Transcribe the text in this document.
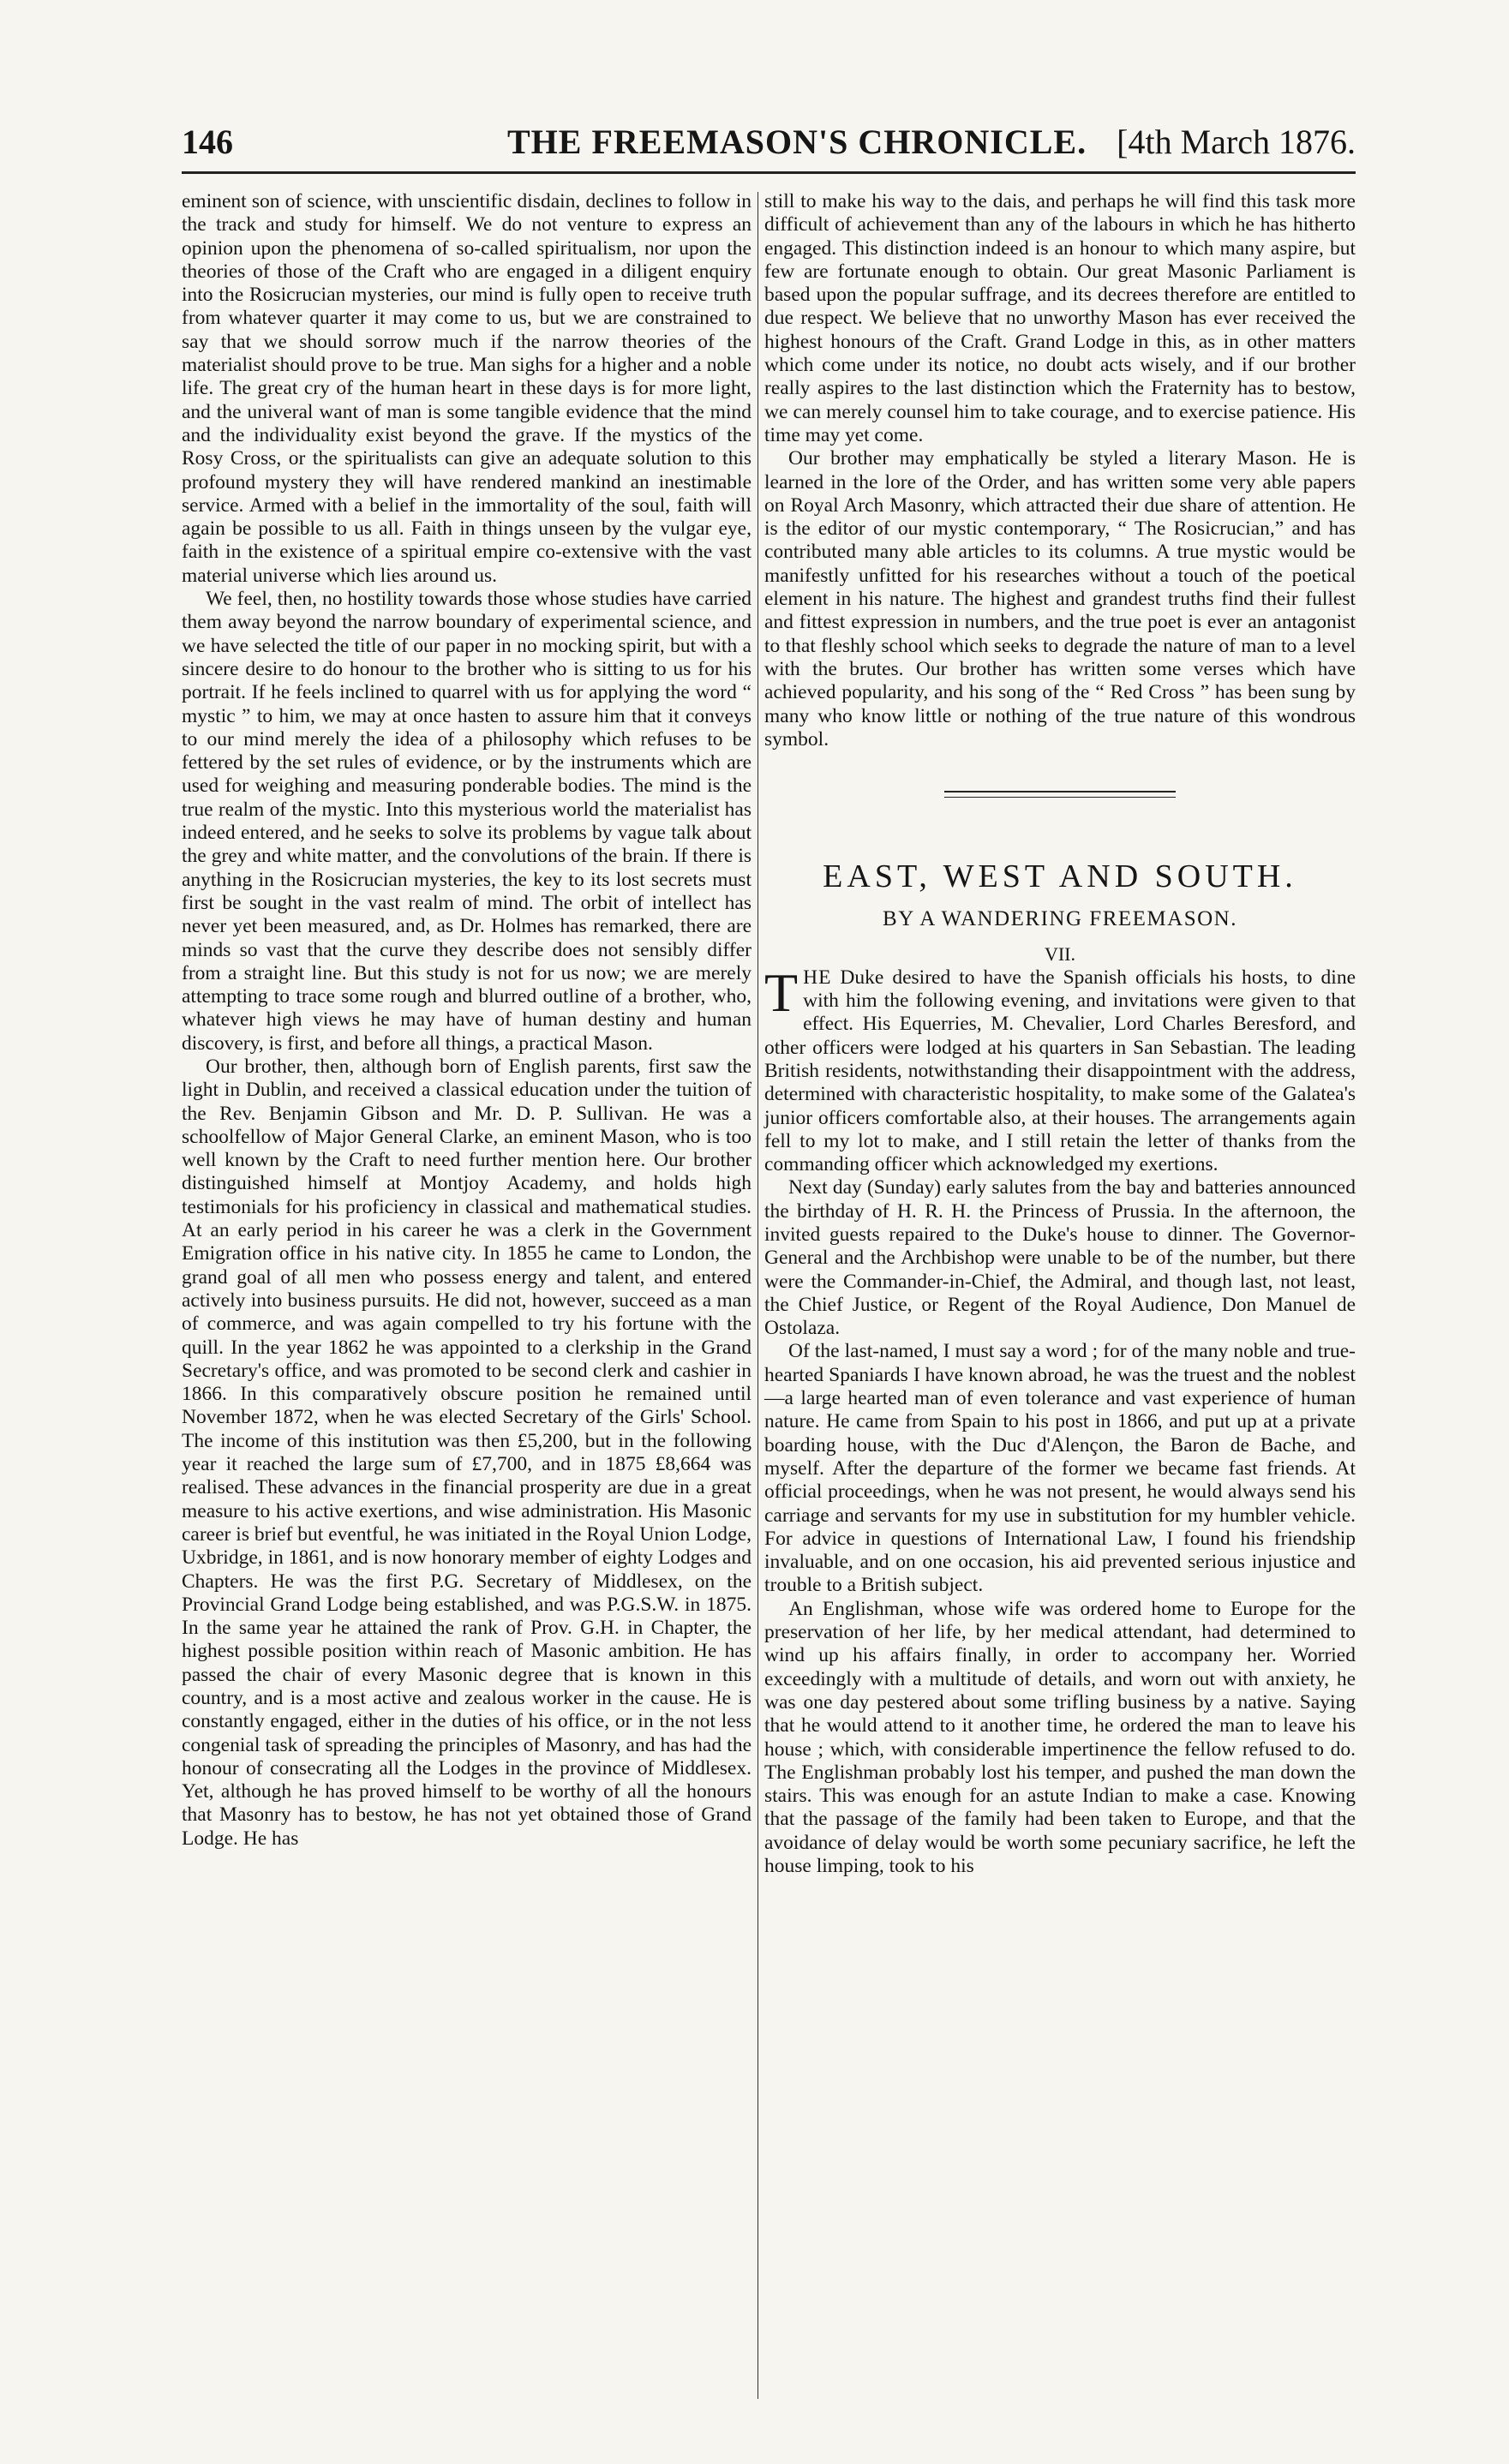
146	THE FREEMASON'S CHRONICLE. [4th March 1876.

eminent son of science, with unscientific disdain, declines to follow in the track and study for himself. We do not venture to express an opinion upon the phenomena of so-called spiritualism, nor upon the theories of those of the Craft who are engaged in a diligent enquiry into the Rosicrucian mysteries, our mind is fully open to receive truth from whatever quarter it may come to us, but we are constrained to say that we should sorrow much if the narrow theories of the materialist should prove to be true. Man sighs for a higher and a noble life. The great cry of the human heart in these days is for more light, and the univeral want of man is some tangible evidence that the mind and the individuality exist beyond the grave. If the mystics of the Rosy Cross, or the spiritualists can give an adequate solution to this profound mystery they will have rendered mankind an inestimable service. Armed with a belief in the immortality of the soul, faith will again be possible to us all. Faith in things unseen by the vulgar eye, faith in the existence of a spiritual empire co-extensive with the vast material universe which lies around us.

We feel, then, no hostility towards those whose studies have carried them away beyond the narrow boundary of experimental science, and we have selected the title of our paper in no mocking spirit, but with a sincere desire to do honour to the brother who is sitting to us for his portrait. If he feels inclined to quarrel with us for applying the word “ mystic ” to him, we may at once hasten to assure him that it conveys to our mind merely the idea of a philosophy which refuses to be fettered by the set rules of evidence, or by the instruments which are used for weighing and measuring ponderable bodies. The mind is the true realm of the mystic. Into this mysterious world the materialist has indeed entered, and he seeks to solve its problems by vague talk about the grey and white matter, and the convolutions of the brain. If there is anything in the Rosicrucian mysteries, the key to its lost secrets must first be sought in the vast realm of mind. The orbit of intellect has never yet been measured, and, as Dr. Holmes has remarked, there are minds so vast that the curve they describe does not sensibly differ from a straight line. But this study is not for us now; we are merely attempting to trace some rough and blurred outline of a brother, who, whatever high views he may have of human destiny and human discovery, is first, and before all things, a practical Mason.

Our brother, then, although born of English parents, first saw the light in Dublin, and received a classical education under the tuition of the Rev. Benjamin Gibson and Mr. D. P. Sullivan. He was a schoolfellow of Major General Clarke, an eminent Mason, who is too well known by the Craft to need further mention here. Our brother distinguished himself at Montjoy Academy, and holds high testimonials for his proficiency in classical and mathematical studies. At an early period in his career he was a clerk in the Government Emigration office in his native city. In 1855 he came to London, the grand goal of all men who possess energy and talent, and entered actively into business pursuits. He did not, however, succeed as a man of commerce, and was again compelled to try his fortune with the quill. In the year 1862 he was appointed to a clerkship in the Grand Secretary's office, and was promoted to be second clerk and cashier in 1866. In this comparatively obscure position he remained until November 1872, when he was elected Secretary of the Girls' School. The income of this institution was then £5,200, but in the following year it reached the large sum of £7,700, and in 1875 £8,664 was realised. These advances in the financial prosperity are due in a great measure to his active exertions, and wise administration. His Masonic career is brief but eventful, he was initiated in the Royal Union Lodge, Uxbridge, in 1861, and is now honorary member of eighty Lodges and Chapters. He was the first P.G. Secretary of Middlesex, on the Provincial Grand Lodge being established, and was P.G.S.W. in 1875. In the same year he attained the rank of Prov. G.H. in Chapter, the highest possible position within reach of Masonic ambition. He has passed the chair of every Masonic degree that is known in this country, and is a most active and zealous worker in the cause. He is constantly engaged, either in the duties of his office, or in the not less congenial task of spreading the principles of Masonry, and has had the honour of consecrating all the Lodges in the province of Middlesex. Yet, although he has proved himself to be worthy of all the honours that Masonry has to bestow, he has not yet obtained those of Grand Lodge. He has

still to make his way to the dais, and perhaps he will find this task more difficult of achievement than any of the labours in which he has hitherto engaged. This distinction indeed is an honour to which many aspire, but few are fortunate enough to obtain. Our great Masonic Parliament is based upon the popular suffrage, and its decrees therefore are entitled to due respect. We believe that no unworthy Mason has ever received the highest honours of the Craft. Grand Lodge in this, as in other matters which come under its notice, no doubt acts wisely, and if our brother really aspires to the last distinction which the Fraternity has to bestow, we can merely counsel him to take courage, and to exercise patience. His time may yet come.

Our brother may emphatically be styled a literary Mason. He is learned in the lore of the Order, and has written some very able papers on Royal Arch Masonry, which attracted their due share of attention. He is the editor of our mystic contemporary, “ The Rosicrucian,” and has contributed many able articles to its columns. A true mystic would be manifestly unfitted for his researches without a touch of the poetical element in his nature. The highest and grandest truths find their fullest and fittest expression in numbers, and the true poet is ever an antagonist to that fleshly school which seeks to degrade the nature of man to a level with the brutes. Our brother has written some verses which have achieved popularity, and his song of the “ Red Cross ” has been sung by many who know little or nothing of the true nature of this wondrous symbol.

EAST, WEST AND SOUTH.
BY A WANDERING FREEMASON.
VII.

THE Duke desired to have the Spanish officials his hosts, to dine with him the following evening, and invitations were given to that effect. His Equerries, M. Chevalier, Lord Charles Beresford, and other officers were lodged at his quarters in San Sebastian. The leading British residents, notwithstanding their disappointment with the address, determined with characteristic hospitality, to make some of the Galatea's junior officers comfortable also, at their houses. The arrangements again fell to my lot to make, and I still retain the letter of thanks from the commanding officer which acknowledged my exertions.

Next day (Sunday) early salutes from the bay and batteries announced the birthday of H. R. H. the Princess of Prussia. In the afternoon, the invited guests repaired to the Duke's house to dinner. The Governor-General and the Archbishop were unable to be of the number, but there were the Commander-in-Chief, the Admiral, and though last, not least, the Chief Justice, or Regent of the Royal Audience, Don Manuel de Ostolaza.

Of the last-named, I must say a word ; for of the many noble and true-hearted Spaniards I have known abroad, he was the truest and the noblest—a large hearted man of even tolerance and vast experience of human nature. He came from Spain to his post in 1866, and put up at a private boarding house, with the Duc d'Alençon, the Baron de Bache, and myself. After the departure of the former we became fast friends. At official proceedings, when he was not present, he would always send his carriage and servants for my use in substitution for my humbler vehicle. For advice in questions of International Law, I found his friendship invaluable, and on one occasion, his aid prevented serious injustice and trouble to a British subject.

An Englishman, whose wife was ordered home to Europe for the preservation of her life, by her medical attendant, had determined to wind up his affairs finally, in order to accompany her. Worried exceedingly with a multitude of details, and worn out with anxiety, he was one day pestered about some trifling business by a native. Saying that he would attend to it another time, he ordered the man to leave his house ; which, with considerable impertinence the fellow refused to do. The Englishman probably lost his temper, and pushed the man down the stairs. This was enough for an astute Indian to make a case. Knowing that the passage of the family had been taken to Europe, and that the avoidance of delay would be worth some pecuniary sacrifice, he left the house limping, took to his
